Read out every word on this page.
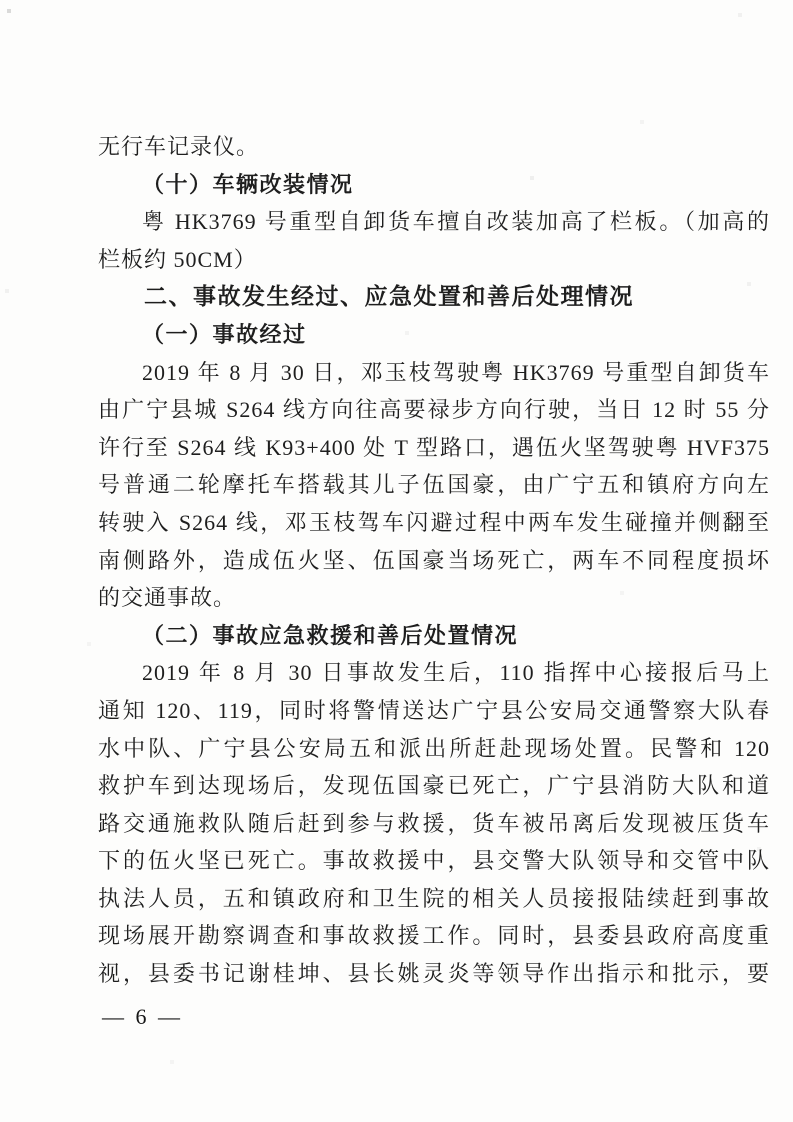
无行车记录仪。
（十）车辆改装情况
粤 HK3769 号重型自卸货车擅自改装加高了栏板。（加高的
栏板约 50CM）
二、事故发生经过、应急处置和善后处理情况
（一）事故经过
2019 年 8 月 30 日，邓玉枝驾驶粤 HK3769 号重型自卸货车
由广宁县城 S264 线方向往高要禄步方向行驶，当日 12 时 55 分
许行至 S264 线 K93+400 处 T 型路口，遇伍火坚驾驶粤 HVF375
号普通二轮摩托车搭载其儿子伍国豪，由广宁五和镇府方向左
转驶入 S264 线，邓玉枝驾车闪避过程中两车发生碰撞并侧翻至
南侧路外，造成伍火坚、伍国豪当场死亡，两车不同程度损坏
的交通事故。
（二）事故应急救援和善后处置情况
2019 年 8 月 30 日事故发生后，110 指挥中心接报后马上
通知 120、119，同时将警情送达广宁县公安局交通警察大队春
水中队、广宁县公安局五和派出所赶赴现场处置。民警和 120
救护车到达现场后，发现伍国豪已死亡，广宁县消防大队和道
路交通施救队随后赶到参与救援，货车被吊离后发现被压货车
下的伍火坚已死亡。事故救援中，县交警大队领导和交管中队
执法人员，五和镇政府和卫生院的相关人员接报陆续赶到事故
现场展开勘察调查和事故救援工作。同时，县委县政府高度重
视，县委书记谢桂坤、县长姚灵炎等领导作出指示和批示，要
— 6 —
